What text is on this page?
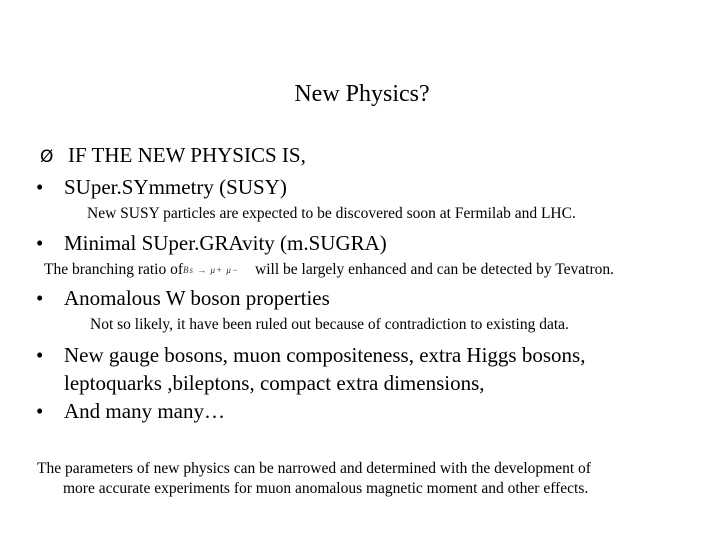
New Physics?
Ø IF THE NEW PHYSICS IS,
• SUper.SYmmetry (SUSY)
New SUSY particles are expected to be discovered soon at Fermilab and LHC.
• Minimal SUper.GRAvity (m.SUGRA)
The branching ratio ofBs → μ+ μ− will be largely enhanced and can be detected by Tevatron.
• Anomalous W boson properties
Not so likely, it have been ruled out because of contradiction to existing data.
• New gauge bosons, muon compositeness, extra Higgs bosons,
leptoquarks ,bileptons, compact extra dimensions,
• And many many…
The parameters of new physics can be narrowed and determined with the development of
more accurate experiments for muon anomalous magnetic moment and other effects.
